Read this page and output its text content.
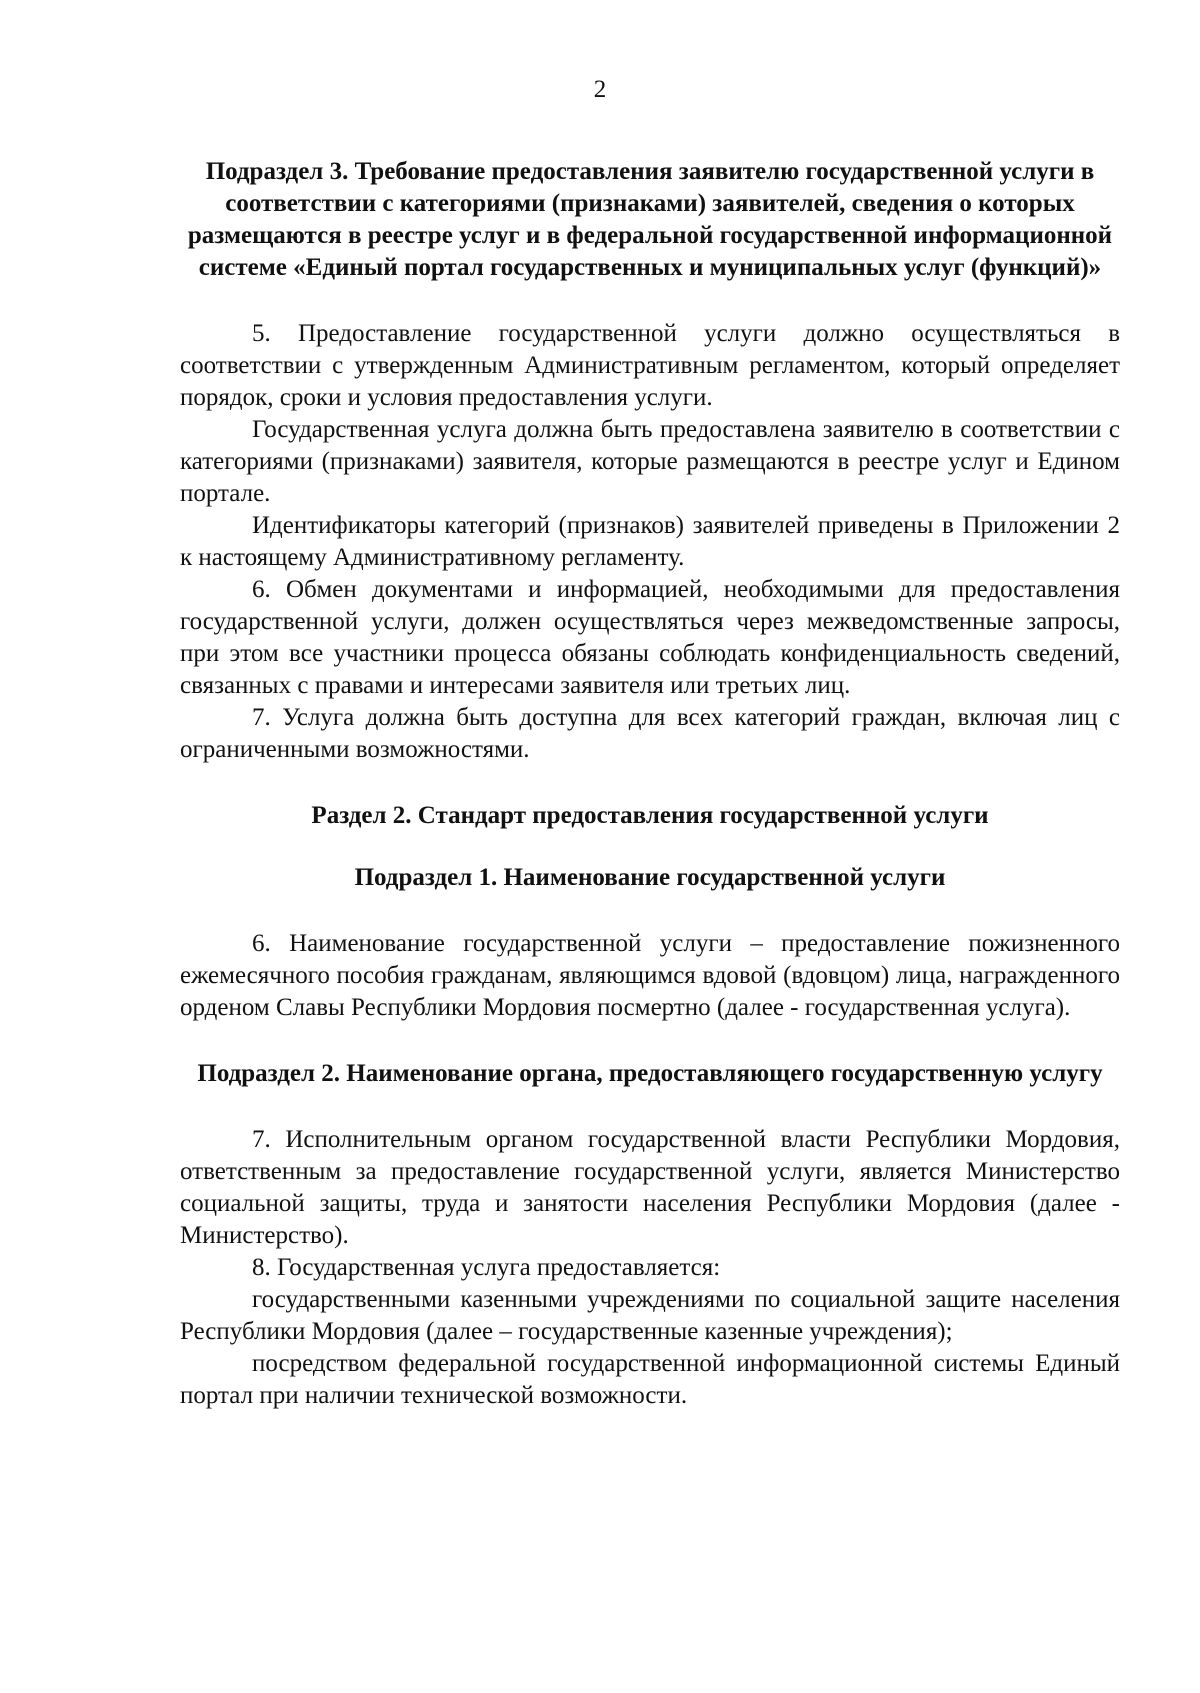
2

Подраздел 3. Требование предоставления заявителю государственной услуги в соответствии с категориями (признаками) заявителей, сведения о которых размещаются в реестре услуг и в федеральной государственной информационной системе «Единый портал государственных и муниципальных услуг (функций)»

5. Предоставление государственной услуги должно осуществляться в соответствии с утвержденным Административным регламентом, который определяет порядок, сроки и условия предоставления услуги.

Государственная услуга должна быть предоставлена заявителю в соответствии с категориями (признаками) заявителя, которые размещаются в реестре услуг и Едином портале.

Идентификаторы категорий (признаков) заявителей приведены в Приложении 2 к настоящему Административному регламенту.

6. Обмен документами и информацией, необходимыми для предоставления государственной услуги, должен осуществляться через межведомственные запросы, при этом все участники процесса обязаны соблюдать конфиденциальность сведений, связанных с правами и интересами заявителя или третьих лиц.

7. Услуга должна быть доступна для всех категорий граждан, включая лиц с ограниченными возможностями.

Раздел 2. Стандарт предоставления государственной услуги

Подраздел 1. Наименование государственной услуги

6. Наименование государственной услуги – предоставление пожизненного ежемесячного пособия гражданам, являющимся вдовой (вдовцом) лица, награжденного орденом Славы Республики Мордовия посмертно (далее - государственная услуга).

Подраздел 2. Наименование органа, предоставляющего государственную услугу

7. Исполнительным органом государственной власти Республики Мордовия, ответственным за предоставление государственной услуги, является Министерство социальной защиты, труда и занятости населения Республики Мордовия (далее - Министерство).

8. Государственная услуга предоставляется:

государственными казенными учреждениями по социальной защите населения Республики Мордовия (далее – государственные казенные учреждения);

посредством федеральной государственной информационной системы Единый портал при наличии технической возможности.
